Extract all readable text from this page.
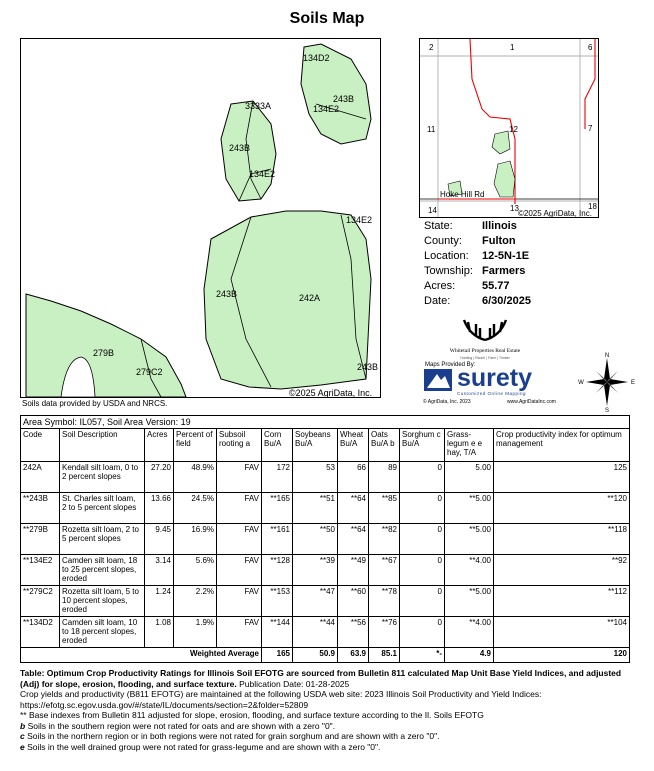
Soils Map
134D2
243B
134E2
3333A
243B
134E2
134E2
243B	242A
279B
279C2	243B
©2025 AgriData, Inc.
2	1	6
11	12	7
14	13	18
Hoke Hill Rd
©2025 AgriData, Inc.
State:	Illinois
County:	Fulton
Location:	12-5N-1E
Township: Farmers
Acres:	55.77
Date:	6/30/2025
Whitetail Properties Real Estate
Hunting | Ranch | Farm | Timber
Maps Provided By:
surety
Customized Online Mapping
© AgriData, Inc. 2023	www.AgriDataInc.com
N
S
E
W
Soils data provided by USDA and NRCS.
Area Symbol: IL057, Soil Area Version: 19											
Code	Soil Description	Acres	Percent of field	Subsoil rooting a	Corn Bu/A	Soybeans Bu/A	Wheat Bu/A	Oats Bu/A b	Sorghum c Bu/A	Grass-legum e e hay, T/A	Crop productivity index for optimum management
242A	Kendall silt loam, 0 to 2 percent slopes	27.20	48.9%	FAV	172	53	66	89	0	5.00	125
**243B	St. Charles silt loam, 2 to 5 percent slopes	13.66	24.5%	FAV	**165	**51	**64	**85	0	**5.00	**120
**279B	Rozetta silt loam, 2 to 5 percent slopes	9.45	16.9%	FAV	**161	**50	**64	**82	0	**5.00	**118
**134E2	Camden silt loam, 18 to 25 percent slopes, eroded	3.14	5.6%	FAV	**128	**39	**49	**67	0	**4.00	**92
**279C2	Rozetta silt loam, 5 to 10 percent slopes, eroded	1.24	2.2%	FAV	**153	**47	**60	**78	0	**5.00	**112
**134D2	Camden silt loam, 10 to 18 percent slopes, eroded	1.08	1.9%	FAV	**144	**44	**56	**76	0	**4.00	**104
Weighted Average					165	50.9	63.9	85.1	*-	4.9	120
Table: Optimum Crop Productivity Ratings for Illinois Soil EFOTG are sourced from Bulletin 811 calculated Map Unit Base Yield Indices, and adjusted (Adj) for slope, erosion, flooding, and surface texture. Publication Date: 01-28-2025
Crop yields and productivity (B811 EFOTG) are maintained at the following USDA web site: 2023 Illinois Soil Productivity and Yield Indices: https://efotg.sc.egov.usda.gov/#/state/IL/documents/section=2&folder=52809
** Base indexes from Bulletin 811 adjusted for slope, erosion, flooding, and surface texture according to the Il. Soils EFOTG
b Soils in the southern region were not rated for oats and are shown with a zero "0".
c Soils in the northern region or in both regions were not rated for grain sorghum and are shown with a zero "0".
e Soils in the well drained group were not rated for grass-legume and are shown with a zero "0".
